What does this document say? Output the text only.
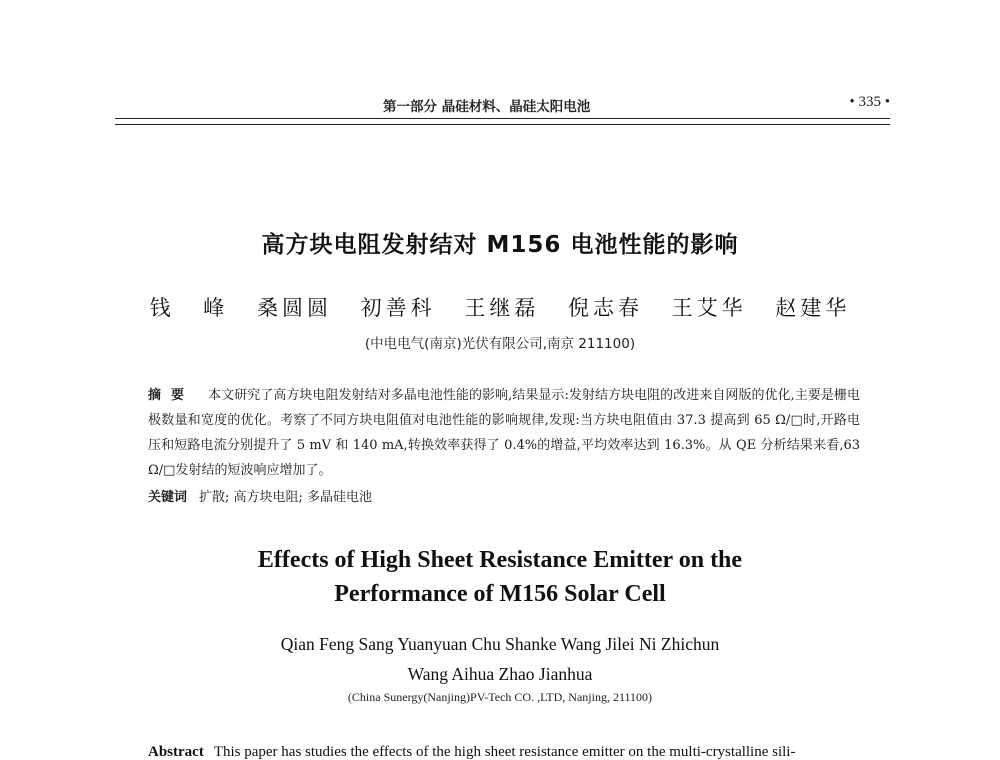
第一部分 晶硅材料、晶硅太阳电池	• 335 •
高方块电阻发射结对 M156 电池性能的影响
钱 峰 桑圆圆 初善科 王继磊 倪志春 王艾华 赵建华
(中电电气(南京)光伏有限公司,南京 211100)
摘要 本文研究了高方块电阻发射结对多晶电池性能的影响,结果显示:发射结方块电阻的改进来自网版的优化,主要是栅电极数量和宽度的优化。考察了不同方块电阻值对电池性能的影响规律,发现:当方块电阻值由 37.3 提高到 65 Ω/□时,开路电压和短路电流分别提升了 5 mV 和 140 mA,转换效率获得了 0.4%的增益,平均效率达到 16.3%。从 QE 分析结果来看,63 Ω/□发射结的短波响应增加了。
关键词 扩散; 高方块电阻; 多晶硅电池
Effects of High Sheet Resistance Emitter on the
Performance of M156 Solar Cell
Qian Feng Sang Yuanyuan Chu Shanke Wang Jilei Ni Zhichun
Wang Aihua Zhao Jianhua
(China Sunergy(Nanjing)PV-Tech CO. ,LTD, Nanjing, 211100)
Abstract This paper has studies the effects of the high sheet resistance emitter on the multi-crystalline sili-
